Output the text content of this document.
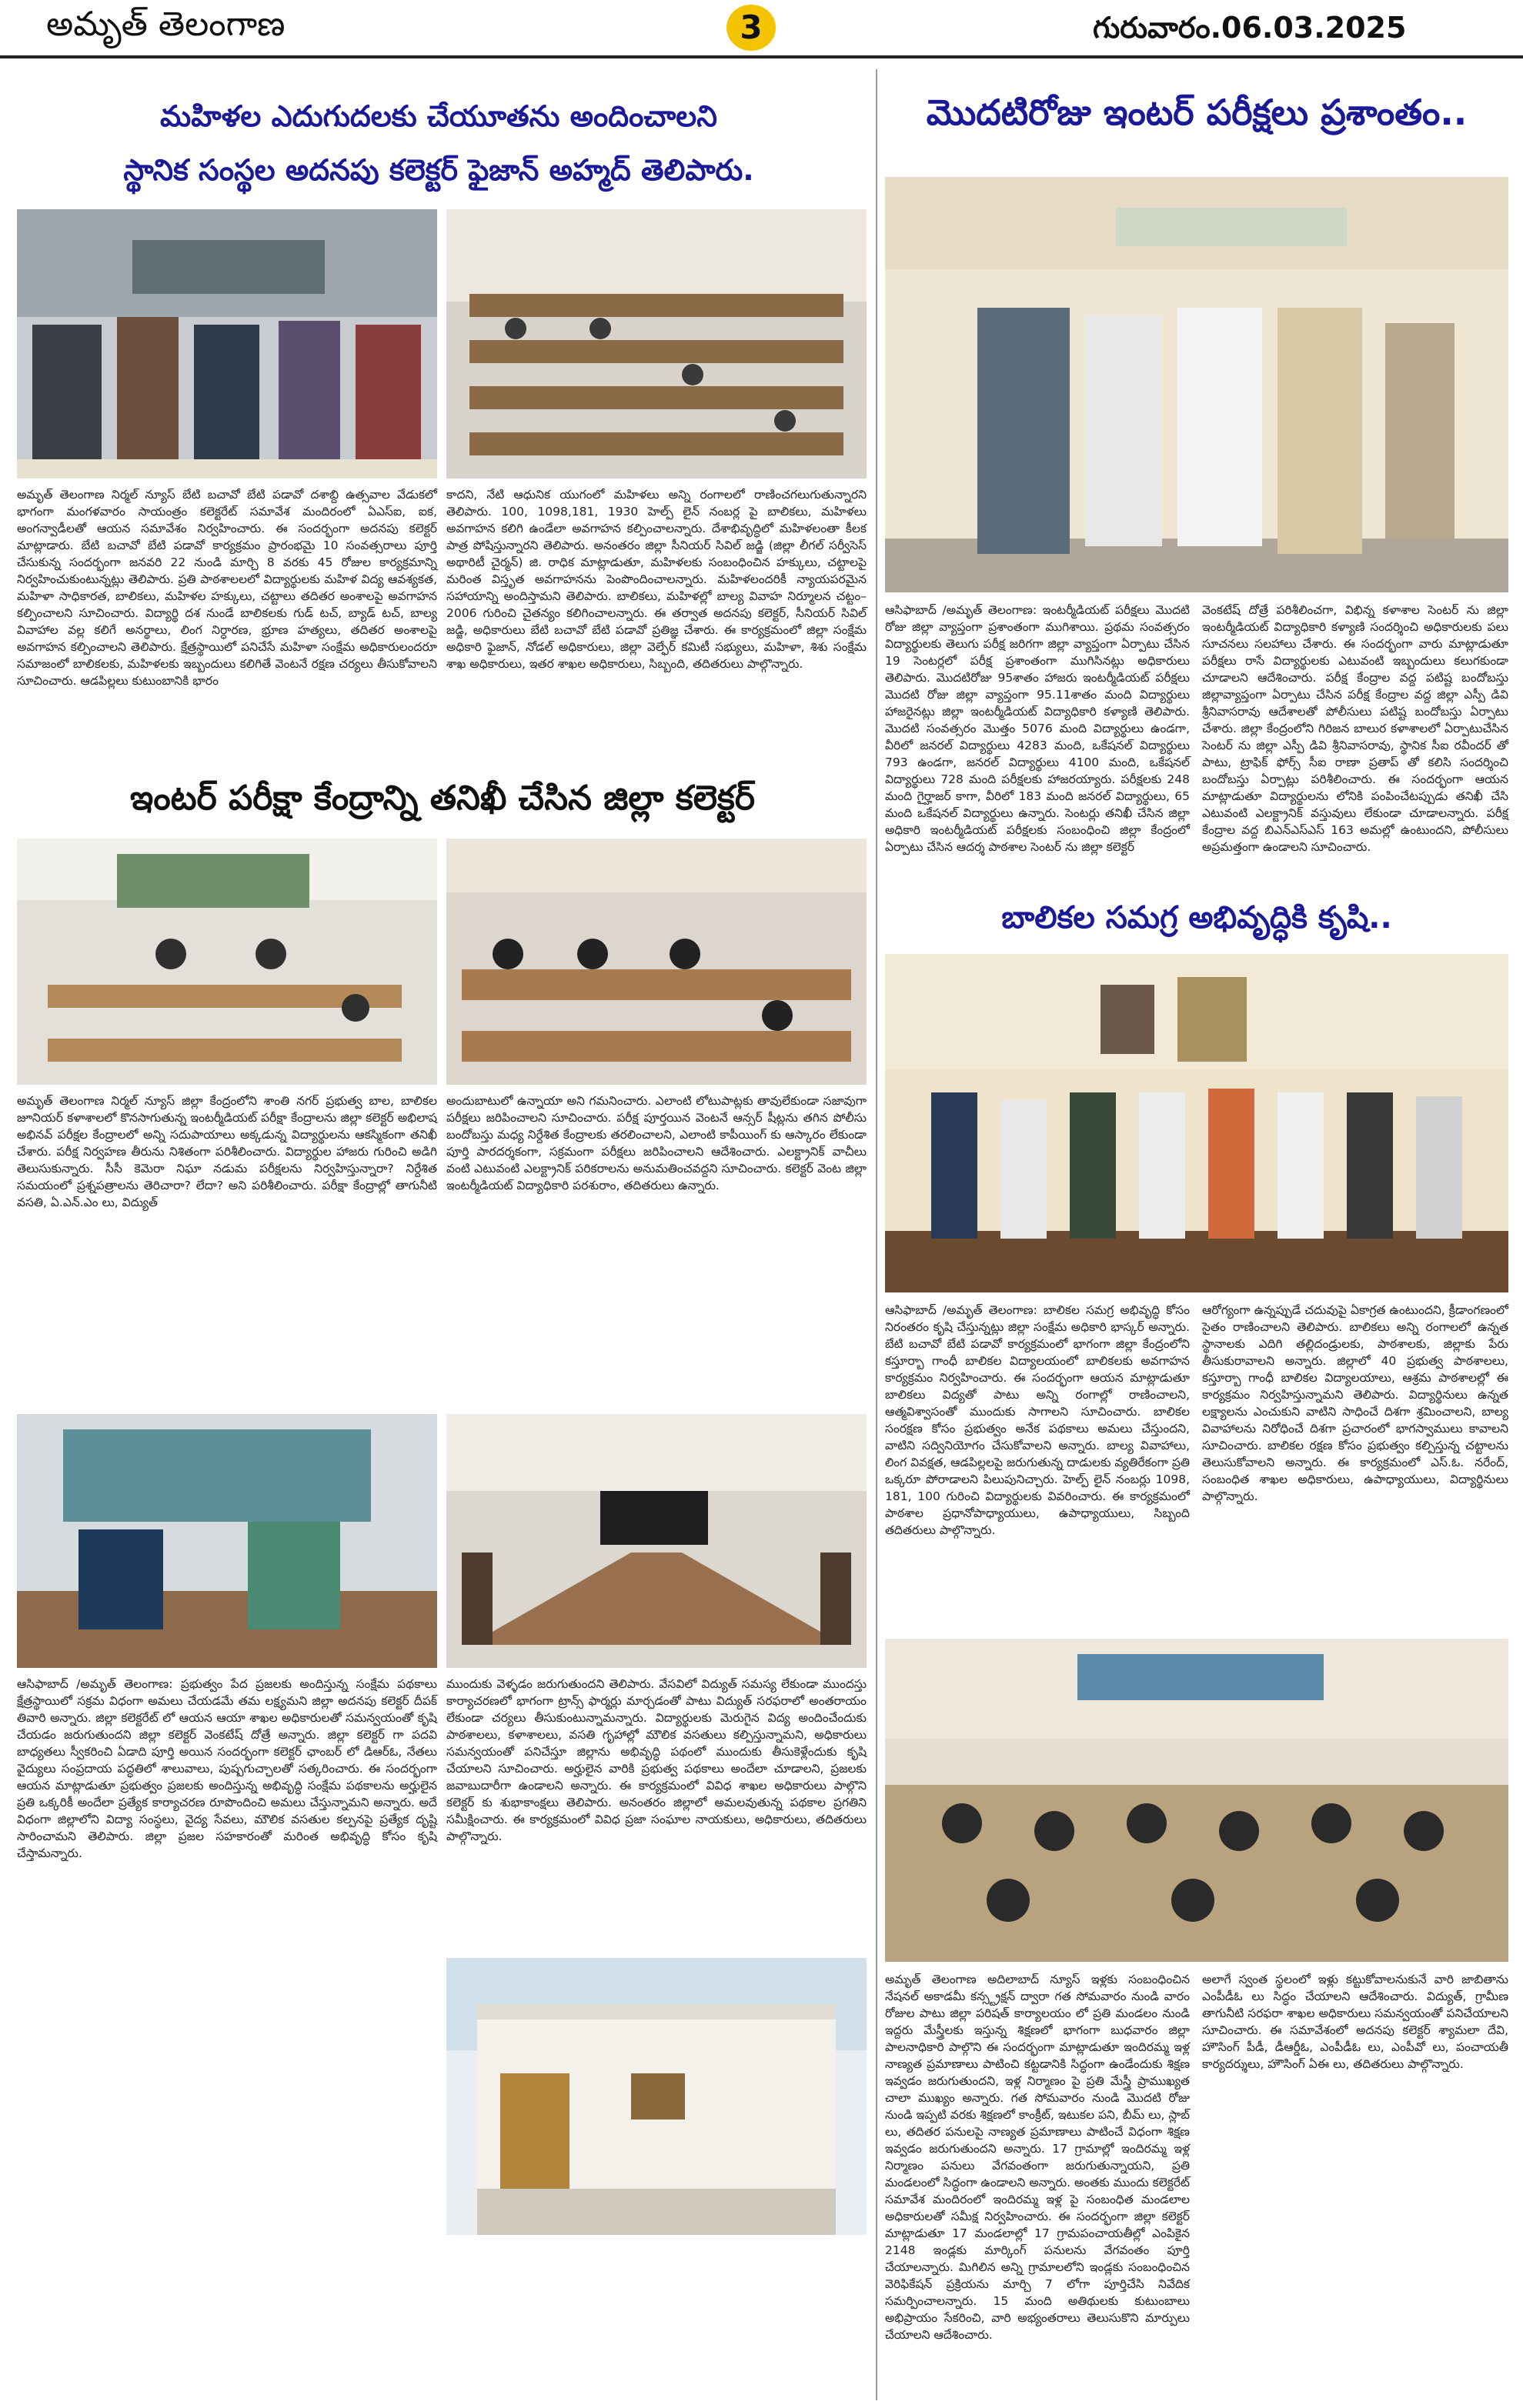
అమృత్ తెలంగాణ	3	గురువారం.06.03.2025
మహిళల ఎదుగుదలకు చేయూతను అందించాలని
స్థానిక సంస్థల అదనపు కలెక్టర్ ఫైజాన్ అహ్మద్ తెలిపారు.
అమృత్ తెలంగాణ నిర్మల్ న్యూస్ బేటి బచావో బేటి పడావో దశాబ్ది ఉత్సవాల వేడుకలో భాగంగా మంగళవారం సాయంత్రం కలెక్టరేట్ సమావేశ మందిరంలో ఏఎస్ఐ, ఐక, అంగన్వాడీలతో ఆయన సమావేశం నిర్వహించారు. ఈ సందర్భంగా అదనపు కలెక్టర్ మాట్లాడారు. బేటి బచావో బేటి పడావో కార్యక్రమం ప్రారంభమై 10 సంవత్సరాలు పూర్తి చేసుకున్న సందర్భంగా జనవరి 22 నుండి మార్చి 8 వరకు 45 రోజుల కార్యక్రమాన్ని నిర్వహించుకుంటున్నట్లు తెలిపారు. ప్రతి పాఠశాలలలో విద్యార్థులకు మహిళ విద్య ఆవశ్యకత, మహిళా సాధికారత, బాలికలు, మహిళల హక్కులు, చట్టాలు తదితర అంశాలపై అవగాహన కల్పించాలని సూచించారు. విద్యార్థి దశ నుండే బాలికలకు గుడ్ టచ్, బ్యాడ్ టచ్, బాల్య వివాహాల వల్ల కలిగే అనర్థాలు, లింగ నిర్ధారణ, భ్రూణ హత్యలు, తదితర అంశాలపై అవగాహన కల్పించాలని తెలిపారు. క్షేత్రస్థాయిలో పనిచేసే మహిళా సంక్షేమ అధికారులందరూ సమాజంలో బాలికలకు, మహిళలకు ఇబ్బందులు కలిగితే వెంటనే రక్షణ చర్యలు తీసుకోవాలని సూచించారు. ఆడపిల్లలు కుటుంబానికి భారం
కాదని, నేటి ఆధునిక యుగంలో మహిళలు అన్ని రంగాలలో రాణించగలుగుతున్నారని తెలిపారు. 100, 1098,181, 1930 హెల్ప్ లైన్ నంబర్ల పై బాలికలు, మహిళలు అవగాహన కలిగి ఉండేలా అవగాహన కల్పించాలన్నారు. దేశాభివృద్ధిలో మహిళలంతా కీలక పాత్ర పోషిస్తున్నారని తెలిపారు. అనంతరం జిల్లా సీనియర్ సివిల్ జడ్జి (జిల్లా లీగల్ సర్వీసెస్ అథారిటీ చైర్మన్) జి. రాధిక మాట్లాడుతూ, మహిళలకు సంబంధించిన హక్కులు, చట్టాలపై మరింత విస్తృత అవగాహనను పెంపొందించాలన్నారు. మహిళలందరికీ న్యాయపరమైన సహాయాన్ని అందిస్తామని తెలిపారు. బాలికలు, మహిళల్లో బాల్య వివాహ నిర్మూలన చట్టం–2006 గురించి చైతన్యం కలిగించాలన్నారు. ఈ తర్వాత అదనపు కలెక్టర్, సీనియర్ సివిల్ జడ్జి, అధికారులు బేటి బచావో బేటి పడావో ప్రతిజ్ఞ చేశారు. ఈ కార్యక్రమంలో జిల్లా సంక్షేమ అధికారి ఫైజాన్, నోడల్ అధికారులు, జిల్లా వెల్ఫేర్ కమిటీ సభ్యులు, మహిళా, శిశు సంక్షేమ శాఖ అధికారులు, ఇతర శాఖల అధికారులు, సిబ్బంది, తదితరులు పాల్గొన్నారు.
ఇంటర్ పరీక్షా కేంద్రాన్ని తనిఖీ చేసిన జిల్లా కలెక్టర్
అమృత్ తెలంగాణ నిర్మల్ న్యూస్ జిల్లా కేంద్రంలోని శాంతి నగర్ ప్రభుత్వ బాల, బాలికల జూనియర్ కళాశాలలో కొనసాగుతున్న ఇంటర్మీడియట్ పరీక్షా కేంద్రాలను జిల్లా కలెక్టర్ అభిలాష అభినవ్ పరీక్షల కేంద్రాలలో అన్ని సదుపాయాలు అక్కడున్న విద్యార్థులను ఆకస్మికంగా తనిఖీ చేశారు. పరీక్ష నిర్వహణ తీరును నిశితంగా పరిశీలించారు. విద్యార్థుల హాజరు గురించి అడిగి తెలుసుకున్నారు. సీసీ కెమెరా నిఘా నడుమ పరీక్షలను నిర్వహిస్తున్నారా? నిర్దేశిత సమయంలో ప్రశ్నపత్రాలను తెరిచారా? లేదా? అని పరిశీలించారు. పరీక్షా కేంద్రాల్లో తాగునీటి వసతి, ఏ.ఎన్.ఎం లు, విద్యుత్
అందుబాటులో ఉన్నాయా అని గమనించారు. ఎలాంటి లోటుపాట్లకు తావులేకుండా సజావుగా పరీక్షలు జరిపించాలని సూచించారు. పరీక్ష పూర్తయిన వెంటనే ఆన్సర్ షీట్లను తగిన పోలీసు బందోబస్తు మధ్య నిర్దేశిత కేంద్రాలకు తరలించాలని, ఎలాంటి కాపీయింగ్ కు ఆస్కారం లేకుండా పూర్తి పారదర్శకంగా, సక్రమంగా పరీక్షలు జరిపించాలని ఆదేశించారు. ఎలక్ట్రానిక్ వాచీలు వంటి ఎటువంటి ఎలక్ట్రానిక్ పరికరాలను అనుమతించవద్దని సూచించారు. కలెక్టర్ వెంట జిల్లా ఇంటర్మీడియట్ విద్యాధికారి పరశురాం, తదితరులు ఉన్నారు.
ఆసిఫాబాద్ /అమృత్ తెలంగాణ: ప్రభుత్వం పేద ప్రజలకు అందిస్తున్న సంక్షేమ పథకాలు క్షేత్రస్థాయిలో సక్రమ విధంగా అమలు చేయడమే తమ లక్ష్యమని జిల్లా అదనపు కలెక్టర్ దీపక్ తివారి అన్నారు. జిల్లా కలెక్టరేట్ లో ఆయన ఆయా శాఖల అధికారులతో సమన్వయంతో కృషి చేయడం జరుగుతుందని జిల్లా కలెక్టర్ వెంకటేష్ దోత్రే అన్నారు. జిల్లా కలెక్టర్ గా పదవి బాధ్యతలు స్వీకరించి ఏడాది పూర్తి అయిన సందర్భంగా కలెక్టర్ ఛాంబర్ లో డిఆర్ఓ, నేతలు వైద్యులు సంప్రదాయ పద్ధతిలో శాలువాలు, పుష్పగుచ్ఛాలతో సత్కరించారు. ఈ సందర్భంగా ఆయన మాట్లాడుతూ ప్రభుత్వం ప్రజలకు అందిస్తున్న అభివృద్ధి సంక్షేమ పథకాలను అర్హులైన ప్రతి ఒక్కరికీ అందేలా ప్రత్యేక కార్యాచరణ రూపొందించి అమలు చేస్తున్నామని అన్నారు. అదే విధంగా జిల్లాలోని విద్యా సంస్థలు, వైద్య సేవలు, మౌలిక వసతుల కల్పనపై ప్రత్యేక దృష్టి సారించామని తెలిపారు. జిల్లా ప్రజల సహకారంతో మరింత అభివృద్ధి కోసం కృషి చేస్తామన్నారు.
ముందుకు వెళ్ళడం జరుగుతుందని తెలిపారు. వేసవిలో విద్యుత్ సమస్య లేకుండా ముందస్తు కార్యాచరణలో భాగంగా ట్రాన్స్ ఫార్మర్లు మార్చడంతో పాటు విద్యుత్ సరఫరాలో అంతరాయం లేకుండా చర్యలు తీసుకుంటున్నామన్నారు. విద్యార్థులకు మెరుగైన విద్య అందించేందుకు పాఠశాలలు, కళాశాలలు, వసతి గృహాల్లో మౌలిక వసతులు కల్పిస్తున్నామని, అధికారులు సమన్వయంతో పనిచేస్తూ జిల్లాను అభివృద్ధి పథంలో ముందుకు తీసుకెళ్లేందుకు కృషి చేయాలని సూచించారు. అర్హులైన వారికి ప్రభుత్వ పథకాలు అందేలా చూడాలని, ప్రజలకు జవాబుదారీగా ఉండాలని అన్నారు. ఈ కార్యక్రమంలో వివిధ శాఖల అధికారులు పాల్గొని కలెక్టర్ కు శుభాకాంక్షలు తెలిపారు. అనంతరం జిల్లాలో అమలవుతున్న పథకాల ప్రగతిని సమీక్షించారు. ఈ కార్యక్రమంలో వివిధ ప్రజా సంఘాల నాయకులు, అధికారులు, తదితరులు పాల్గొన్నారు.
మొదటిరోజు ఇంటర్ పరీక్షలు ప్రశాంతం..
ఆసిఫాబాద్ /అమృత్ తెలంగాణ: ఇంటర్మీడియట్ పరీక్షలు మొదటి రోజు జిల్లా వ్యాప్తంగా ప్రశాంతంగా ముగిశాయి. ప్రథమ సంవత్సరం విద్యార్థులకు తెలుగు పరీక్ష జరిగగా జిల్లా వ్యాప్తంగా ఏర్పాటు చేసిన 19 సెంటర్లలో పరీక్ష ప్రశాంతంగా ముగిసినట్లు అధికారులు తెలిపారు. మొదటిరోజు 95శాతం హాజరు ఇంటర్మీడియట్ పరీక్షలు మొదటి రోజు జిల్లా వ్యాప్తంగా 95.11శాతం మంది విద్యార్థులు హాజరైనట్లు జిల్లా ఇంటర్మీడియట్ విద్యాధికారి కళ్యాణి తెలిపారు. మొదటి సంవత్సరం మొత్తం 5076 మంది విద్యార్థులు ఉండగా, వీరిలో జనరల్ విద్యార్థులు 4283 మంది, ఒకేషనల్ విద్యార్థులు 793 ఉండగా, జనరల్ విద్యార్థులు 4100 మంది, ఒకేషనల్ విద్యార్థులు 728 మంది పరీక్షలకు హాజరయ్యారు. పరీక్షలకు 248 మంది గైర్హాజర్ కాగా, వీరిలో 183 మంది జనరల్ విద్యార్థులు, 65 మంది ఒకేషనల్ విద్యార్థులు ఉన్నారు. సెంటర్లు తనిఖీ చేసిన జిల్లా అధికారి ఇంటర్మీడియట్ పరీక్షలకు సంబంధించి జిల్లా కేంద్రంలో ఏర్పాటు చేసిన ఆదర్శ పాఠశాల సెంటర్ ను జిల్లా కలెక్టర్
వెంకటేష్ దోత్రే పరిశీలించగా, విభిన్న కళాశాల సెంటర్ ను జిల్లా ఇంటర్మీడియట్ విద్యాధికారి కళ్యాణి సందర్శించి అధికారులకు పలు సూచనలు సలహాలు చేశారు. ఈ సందర్భంగా వారు మాట్లాడుతూ పరీక్షలు రాసే విద్యార్థులకు ఎటువంటి ఇబ్బందులు కలుగకుండా చూడాలని ఆదేశించారు. పరీక్ష కేంద్రాల వద్ద పటిష్ట బందోబస్తు జిల్లావ్యాప్తంగా ఏర్పాటు చేసిన పరీక్ష కేంద్రాల వద్ద జిల్లా ఎస్పీ డివి శ్రీనివాసరావు ఆదేశాలతో పోలీసులు పటిష్ట బందోబస్తు ఏర్పాటు చేశారు. జిల్లా కేంద్రంలోని గిరిజన బాలుర కళాశాలలో ఏర్పాటుచేసిన సెంటర్ ను జిల్లా ఎస్పీ డివి శ్రీనివాసరావు, స్థానిక సీఐ రవీందర్ తో పాటు, ట్రాఫిక్ ఫోర్స్ సీఐ రాణా ప్రతాప్ తో కలిసి సందర్శించి బందోబస్తు ఏర్పాట్లు పరిశీలించారు. ఈ సందర్భంగా ఆయన మాట్లాడుతూ విద్యార్థులను లోనికి పంపించేటప్పుడు తనిఖీ చేసి ఎటువంటి ఎలక్ట్రానిక్ వస్తువులు లేకుండా చూడాలన్నారు. పరీక్ష కేంద్రాల వద్ద బిఎన్ఎస్ఎస్ 163 అమల్లో ఉంటుందని, పోలీసులు అప్రమత్తంగా ఉండాలని సూచించారు.
బాలికల సమగ్ర అభివృద్ధికి కృషి..
ఆసిఫాబాద్ /అమృత్ తెలంగాణ: బాలికల సమగ్ర అభివృద్ధి కోసం నిరంతరం కృషి చేస్తున్నట్లు జిల్లా సంక్షేమ అధికారి భాస్కర్ అన్నారు. బేటి బచావో బేటి పడావో కార్యక్రమంలో భాగంగా జిల్లా కేంద్రంలోని కస్తూర్బా గాంధీ బాలికల విద్యాలయంలో బాలికలకు అవగాహన కార్యక్రమం నిర్వహించారు. ఈ సందర్భంగా ఆయన మాట్లాడుతూ బాలికలు విద్యతో పాటు అన్ని రంగాల్లో రాణించాలని, ఆత్మవిశ్వాసంతో ముందుకు సాగాలని సూచించారు. బాలికల సంరక్షణ కోసం ప్రభుత్వం అనేక పథకాలు అమలు చేస్తుందని, వాటిని సద్వినియోగం చేసుకోవాలని అన్నారు. బాల్య వివాహాలు, లింగ వివక్షత, ఆడపిల్లలపై జరుగుతున్న దాడులకు వ్యతిరేకంగా ప్రతి ఒక్కరూ పోరాడాలని పిలుపునిచ్చారు. హెల్ప్ లైన్ నంబర్లు 1098, 181, 100 గురించి విద్యార్థులకు వివరించారు. ఈ కార్యక్రమంలో పాఠశాల ప్రధానోపాధ్యాయులు, ఉపాధ్యాయులు, సిబ్బంది తదితరులు పాల్గొన్నారు.
ఆరోగ్యంగా ఉన్నప్పుడే చదువుపై ఏకాగ్రత ఉంటుందని, క్రీడాంగణంలో సైతం రాణించాలని తెలిపారు. బాలికలు అన్ని రంగాలలో ఉన్నత స్థానాలకు ఎదిగి తల్లిదండ్రులకు, పాఠశాలకు, జిల్లాకు పేరు తీసుకురావాలని అన్నారు. జిల్లాలో 40 ప్రభుత్వ పాఠశాలలు, కస్తూర్బా గాంధీ బాలికల విద్యాలయాలు, ఆశ్రమ పాఠశాలల్లో ఈ కార్యక్రమం నిర్వహిస్తున్నామని తెలిపారు. విద్యార్థినులు ఉన్నత లక్ష్యాలను ఎంచుకుని వాటిని సాధించే దిశగా శ్రమించాలని, బాల్య వివాహాలను నిరోధించే దిశగా ప్రచారంలో భాగస్వాములు కావాలని సూచించారు. బాలికల రక్షణ కోసం ప్రభుత్వం కల్పిస్తున్న చట్టాలను తెలుసుకోవాలని అన్నారు. ఈ కార్యక్రమంలో ఎస్.ఓ. నరేంద్, సంబంధిత శాఖల అధికారులు, ఉపాధ్యాయులు, విద్యార్థినులు పాల్గొన్నారు.
అమృత్ తెలంగాణ అదిలాబాద్ న్యూస్ ఇళ్లకు సంబంధించిన నేషనల్ అకాడమీ కన్స్ట్రక్షన్ ద్వారా గత సోమవారం నుండి వారం రోజుల పాటు జిల్లా పరిషత్ కార్యాలయం లో ప్రతి మండలం నుండి ఇద్దరు మేస్త్రీలకు ఇస్తున్న శిక్షణలో భాగంగా బుధవారం జిల్లా పాలనాధికారి పాల్గొని ఈ సందర్భంగా మాట్లాడుతూ ఇందిరమ్మ ఇళ్ల నాణ్యత ప్రమాణాలు పాటించి కట్టడానికి సిద్ధంగా ఉండేందుకు శిక్షణ ఇవ్వడం జరుగుతుందని, ఇళ్ల నిర్మాణం పై ప్రతి మేస్త్రీ ప్రాముఖ్యత చాలా ముఖ్యం అన్నారు. గత సోమవారం నుండి మొదటి రోజు నుండి ఇప్పటి వరకు శిక్షణలో కాంక్రీట్, ఇటుకల పని, బీమ్ లు, స్లాబ్ లు, తదితర పనులపై నాణ్యత ప్రమాణాలు పాటించే విధంగా శిక్షణ ఇవ్వడం జరుగుతుందని అన్నారు. 17 గ్రామాల్లో ఇందిరమ్మ ఇళ్ల నిర్మాణం పనులు వేగవంతంగా జరుగుతున్నాయని, ప్రతి మండలంలో సిద్ధంగా ఉండాలని అన్నారు. అంతకు ముందు కలెక్టరేట్ సమావేశ మందిరంలో ఇందిరమ్మ ఇళ్ల పై సంబంధిత మండలాల అధికారులతో సమీక్ష నిర్వహించారు. ఈ సందర్భంగా జిల్లా కలెక్టర్ మాట్లాడుతూ 17 మండలాల్లో 17 గ్రామపంచాయతీల్లో ఎంపికైన 2148 ఇండ్లకు మార్కింగ్ పనులను వేగవంతం పూర్తి చేయాలన్నారు. మిగిలిన అన్ని గ్రామాలలోని ఇండ్లకు సంబంధించిన వెరిఫికేషన్ ప్రక్రియను మార్చి 7 లోగా పూర్తిచేసి నివేదిక సమర్పించాలన్నారు. 15 మంది అతిథులకు కుటుంబాలు అభిప్రాయం సేకరించి, వారి అభ్యంతరాలు తెలుసుకొని మార్పులు చేయాలని ఆదేశించారు.
అలాగే స్వంత స్థలంలో ఇళ్లు కట్టుకోవాలనుకునే వారి జాబితాను ఎంపీడీఓ లు సిద్ధం చేయాలని ఆదేశించారు. విద్యుత్, గ్రామీణ తాగునీటి సరఫరా శాఖల అధికారులు సమన్వయంతో పనిచేయాలని సూచించారు. ఈ సమావేశంలో అదనపు కలెక్టర్ శ్యామలా దేవి, హౌసింగ్ పీడీ, డీఆర్డీఓ, ఎంపీడీఓ లు, ఎంపీవో లు, పంచాయతీ కార్యదర్శులు, హౌసింగ్ ఏఈ లు, తదితరులు పాల్గొన్నారు.
